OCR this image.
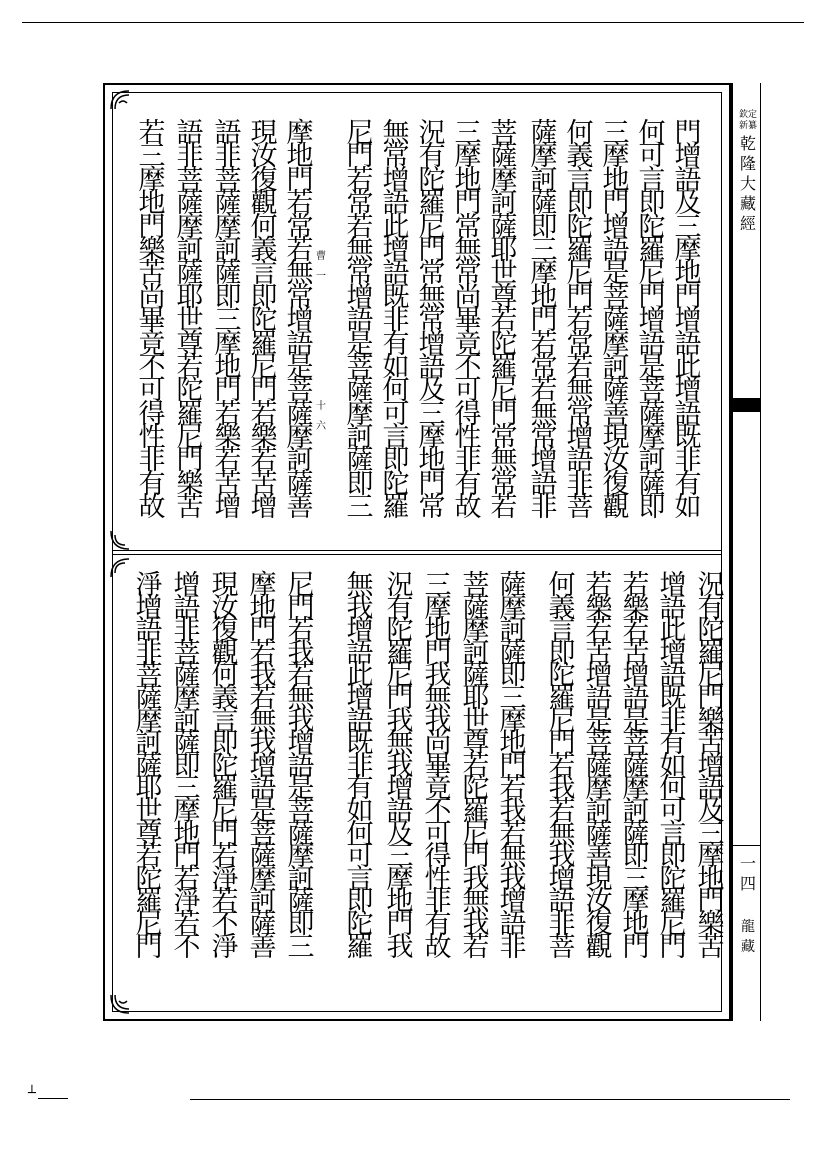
門
增
語
及
三
摩
地
門
增
語
此
增
語
既
非
有
如
何
可
言
即
陀
羅
尼
門
增
語
是
菩
薩
摩
訶
薩
即
三
摩
地
門
增
語
是
菩
薩
摩
訶
薩
善
現
汝
復
觀
何
義
言
即
陀
羅
尼
門
若
常
若
無
常
增
語
非
菩
薩
摩
訶
薩
即
三
摩
地
門
若
常
若
無
常
增
語
非
菩
薩
摩
訶
薩
耶
世
尊
若
陀
羅
尼
門
常
無
常
若
三
摩
地
門
常
無
常
尚
畢
竟
不
可
得
性
非
有
故
況
有
陀
羅
尼
門
常
無
常
增
語
及
三
摩
地
門
常
無
常
增
語
此
增
語
既
非
有
如
何
可
言
即
陀
羅
尼
門
若
常
若
無
常
增
語
是
菩
薩
摩
訶
薩
即
三
摩
地
門
若
常
若
無
常
增
語
是
菩
薩
摩
訶
薩
善
現
汝
復
觀
何
義
言
即
陀
羅
尼
門
若
樂
若
苦
增
語
非
菩
薩
摩
訶
薩
即
三
摩
地
門
若
樂
若
苦
增
語
非
菩
薩
摩
訶
薩
耶
世
尊
若
陀
羅
尼
門
樂
苦
若
三
摩
地
門
樂
苦
尚
畢
竟
不
可
得
性
非
有
故
曹
一
十
六
況
有
陀
羅
尼
門
樂
苦
增
語
及
三
摩
地
門
樂
苦
增
語
此
增
語
既
非
有
如
何
可
言
即
陀
羅
尼
門
若
樂
若
苦
增
語
是
菩
薩
摩
訶
薩
即
三
摩
地
門
若
樂
若
苦
增
語
是
菩
薩
摩
訶
薩
善
現
汝
復
觀
何
義
言
即
陀
羅
尼
門
若
我
若
無
我
增
語
非
菩
薩
摩
訶
薩
即
三
摩
地
門
若
我
若
無
我
增
語
非
菩
薩
摩
訶
薩
耶
世
尊
若
陀
羅
尼
門
我
無
我
若
三
摩
地
門
我
無
我
尚
畢
竟
不
可
得
性
非
有
故
況
有
陀
羅
尼
門
我
無
我
增
語
及
三
摩
地
門
我
無
我
增
語
此
增
語
既
非
有
如
何
可
言
即
陀
羅
尼
門
若
我
若
無
我
增
語
是
菩
薩
摩
訶
薩
即
三
摩
地
門
若
我
若
無
我
增
語
是
菩
薩
摩
訶
薩
善
現
汝
復
觀
何
義
言
即
陀
羅
尼
門
若
淨
若
不
淨
增
語
非
菩
薩
摩
訶
薩
即
三
摩
地
門
若
淨
若
不
淨
增
語
非
菩
薩
摩
訶
薩
耶
世
尊
若
陀
羅
尼
門
欽定
新纂
乾
隆
大
藏
經
一
四
龍
藏
┴
